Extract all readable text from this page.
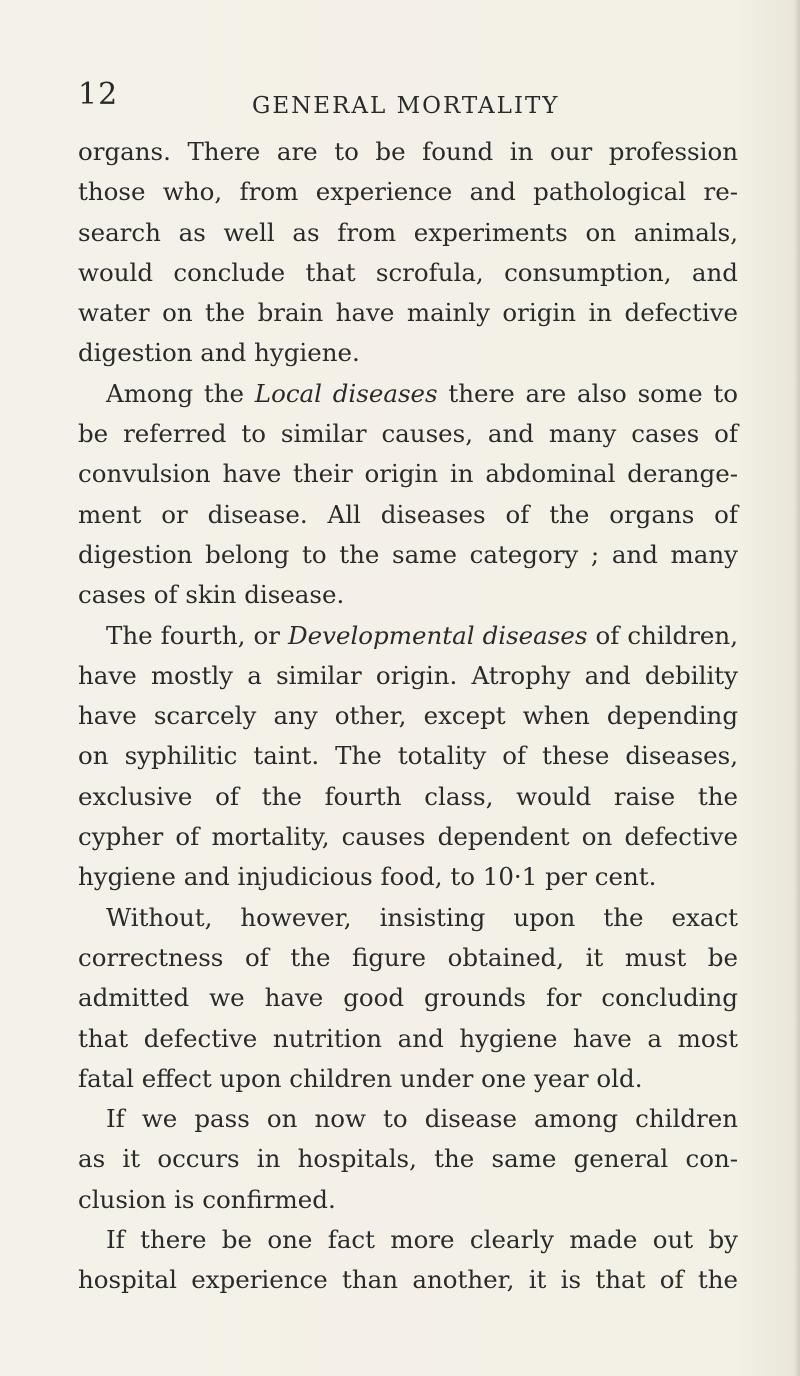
12	GENERAL MORTALITY
organs. There are to be found in our profession
those who, from experience and pathological re-
search as well as from experiments on animals,
would conclude that scrofula, consumption, and
water on the brain have mainly origin in defective
digestion and hygiene.
Among the Local diseases there are also some to
be referred to similar causes, and many cases of
convulsion have their origin in abdominal derange-
ment or disease. All diseases of the organs of
digestion belong to the same category ; and many
cases of skin disease.
The fourth, or Developmental diseases of children,
have mostly a similar origin. Atrophy and debility
have scarcely any other, except when depending
on syphilitic taint. The totality of these diseases,
exclusive of the fourth class, would raise the
cypher of mortality, causes dependent on defective
hygiene and injudicious food, to 10·1 per cent.
Without, however, insisting upon the exact
correctness of the figure obtained, it must be
admitted we have good grounds for concluding
that defective nutrition and hygiene have a most
fatal effect upon children under one year old.
If we pass on now to disease among children
as it occurs in hospitals, the same general con-
clusion is confirmed.
If there be one fact more clearly made out by
hospital experience than another, it is that of the
